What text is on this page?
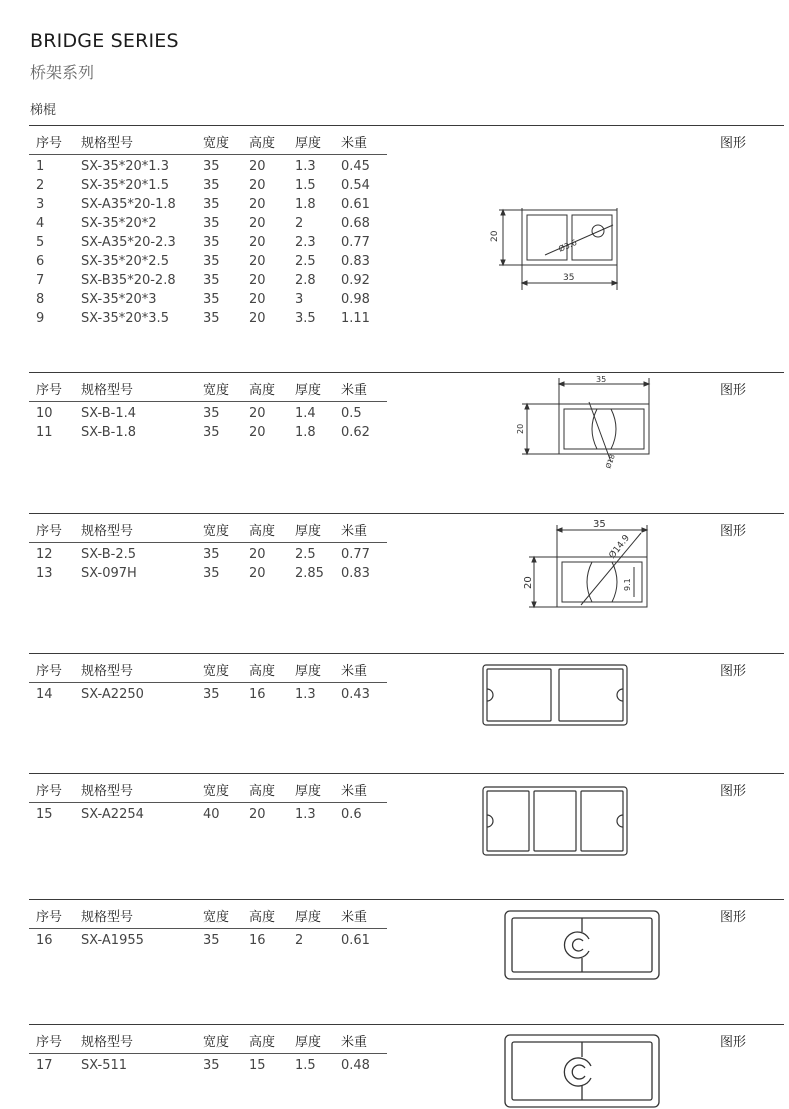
BRIDGE SERIES
桥架系列
梯棍
序号 规格型号	宽度 高度 厚度 米重	图形
1	SX-35*20*1.3	35 20 1.3 0.45
2	SX-35*20*1.5	35 20 1.5 0.54
3	SX-A35*20-1.8 35 20 1.8 0.61
4	SX-35*20*2	35 20 2	0.68
5	SX-A35*20-2.3 35 20 2.3 0.77
6	SX-35*20*2.5	35 20 2.5 0.83
7	SX-B35*20-2.8 35 20 2.8 0.92
8	SX-35*20*3	35 20 3	0.98
9	SX-35*20*3.5	35 20 3.5 1.11
35
20
Ø3.6
序号 规格型号	宽度 高度 厚度 米重	图形
10 SX-B-1.4	35 20 1.4 0.5
11 SX-B-1.8	35 20 1.8 0.62
35
20
Ø18
序号 规格型号	宽度 高度 厚度 米重	图形
12 SX-B-2.5	35 20 2.5 0.77
13 SX-097H	35 20 2.85 0.83
35
20
Ø14.9
9.1
序号 规格型号	宽度 高度 厚度 米重	图形
14 SX-A2250	35 16 1.3 0.43
序号 规格型号	宽度 高度 厚度 米重	图形
15 SX-A2254	40 20 1.3 0.6
序号 规格型号	宽度 高度 厚度 米重	图形
16 SX-A1955	35 16 2	0.61
序号 规格型号	宽度 高度 厚度 米重	图形
17 SX-511	35 15 1.5 0.48
